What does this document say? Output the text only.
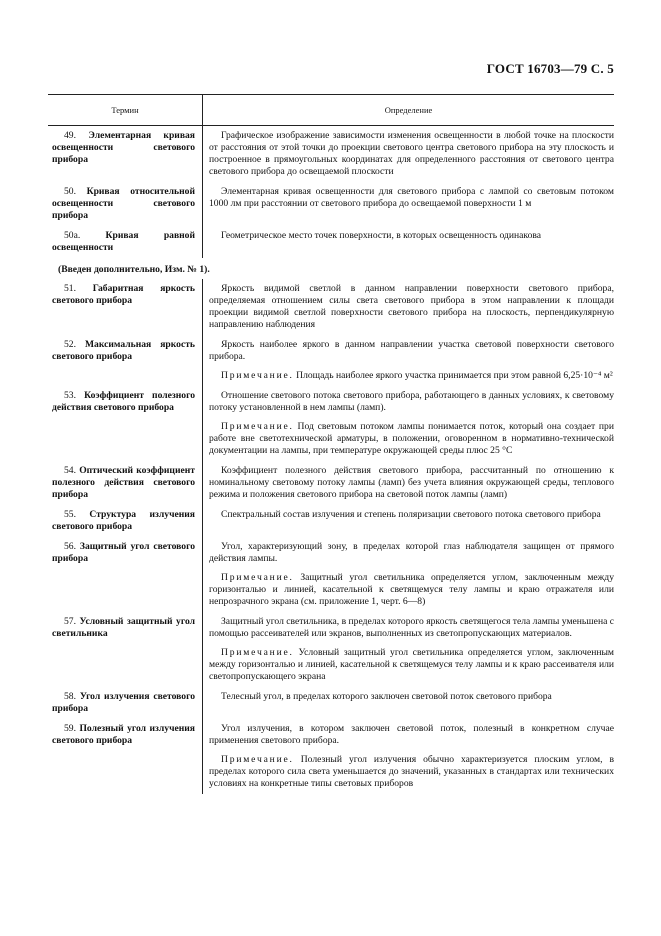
ГОСТ 16703—79 С. 5
Термин	Определение
49. Элементарная кривая освещенности светового прибора

Графическое изображение зависимости изменения освещенности в любой точке на плоскости от расстояния от этой точки до проекции светового центра светового прибора на эту плоскость и построенное в прямоугольных координатах для определенного расстояния от светового центра светового прибора до освещаемой плоскости

50. Кривая относительной освещенности светового прибора

Элементарная кривая освещенности для светового прибора с лампой со световым потоком 1000 лм при расстоянии от светового прибора до освещаемой поверхности 1 м

50а.	Кривая равной освещенности

Геометрическое место точек поверхности, в которых освещенность одинакова

(Введен дополнительно, Изм. № 1).
51. Габаритная яркость светового прибора

Яркость видимой светлой в данном направлении поверхности светового прибора, определяемая отношением силы света светового прибора в этом направлении к площади проекции видимой светлой поверхности светового прибора на плоскость, перпендикулярную направлению наблюдения

52. Максимальная яркость светового прибора

Яркость наиболее яркого в данном направлении участка световой поверхности светового прибора.

Примечание. Площадь наиболее яркого участка принимается при этом равной 6,25·10⁻⁴ м²

53. Коэффициент полезного действия светового прибора

Отношение светового потока светового прибора, работающего в данных условиях, к световому потоку установленной в нем лампы (ламп).

Примечание. Под световым потоком лампы понимается поток, который она создает при работе вне светотехнической арматуры, в положении, оговоренном в нормативно-технической документации на лампы, при температуре окружающей среды плюс 25 °С

54. Оптический коэффициент полезного действия светового прибора

Коэффициент полезного действия светового прибора, рассчитанный по отношению к номинальному световому потоку лампы (ламп) без учета влияния окружающей среды, теплового режима и положения светового прибора на световой поток лампы (ламп)

55. Структура излучения светового прибора

Спектральный состав излучения и степень поляризации светового потока светового прибора

56. Защитный угол светового прибора

Угол, характеризующий зону, в пределах которой глаз наблюдателя защищен от прямого действия лампы.

Примечание. Защитный угол светильника определяется углом, заключенным между горизонталью и линией, касательной к светящемуся телу лампы и краю отражателя или непрозрачного экрана (см. приложение 1, черт. 6—8)

57. Условный защитный угол светильника

Защитный угол светильника, в пределах которого яркость светящегося тела лампы уменьшена с помощью рассеивателей или экранов, выполненных из светопропускающих материалов.

Примечание. Условный защитный угол светильника определяется углом, заключенным между горизонталью и линией, касательной к светящемуся телу лампы и к краю рассеивателя или светопропускающего экрана

58. Угол излучения светового прибора

Телесный угол, в пределах которого заключен световой поток светового прибора

59. Полезный угол излучения светового прибора

Угол излучения, в котором заключен световой поток, полезный в конкретном случае применения светового прибора.

Примечание. Полезный угол излучения обычно характеризуется плоским углом, в пределах которого сила света уменьшается до значений, указанных в стандартах или технических условиях на конкретные типы световых приборов
